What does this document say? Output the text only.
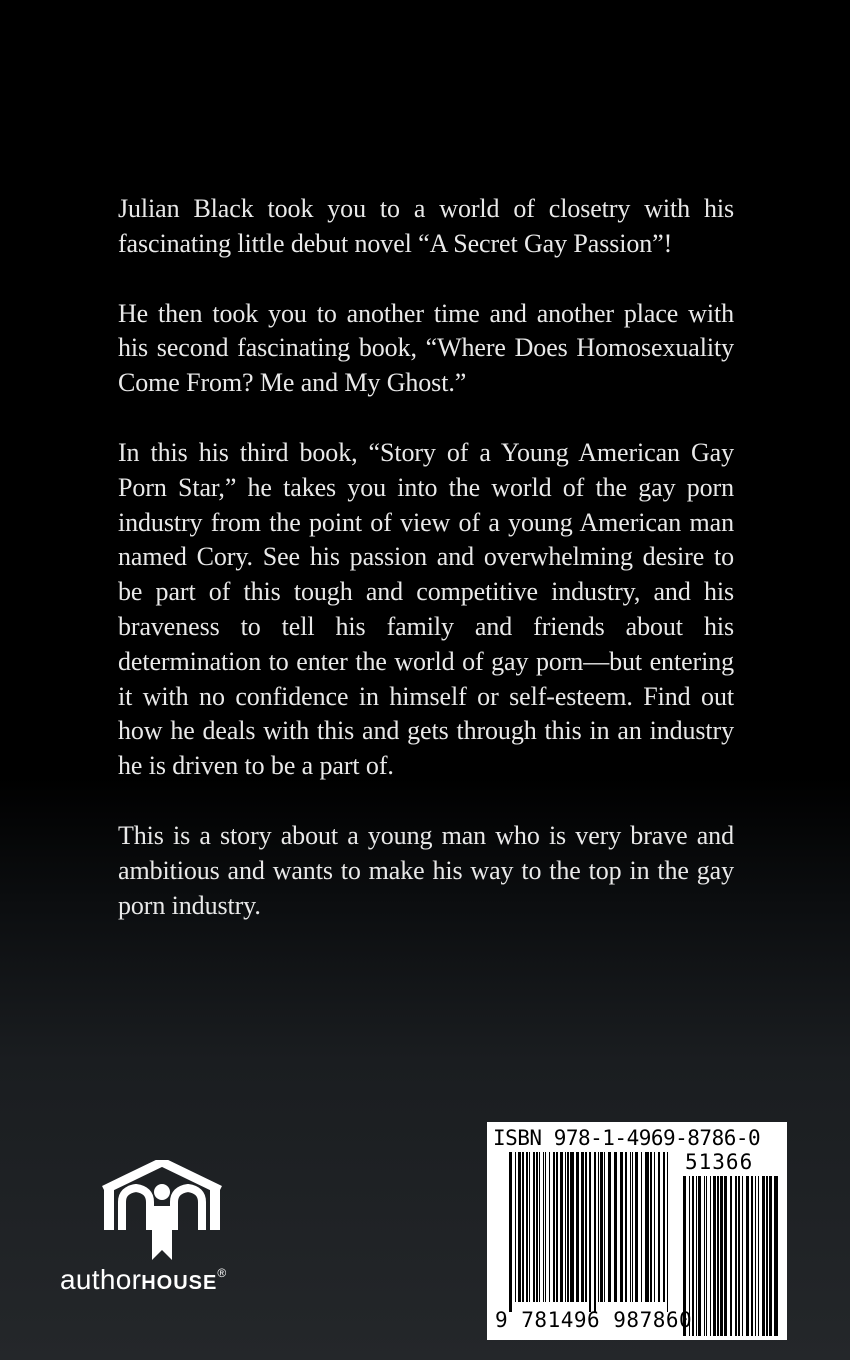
Julian Black took you to a world of closetry with his fascinating little debut novel “A Secret Gay Passion”!

He then took you to another time and another place with his second fascinating book, “Where Does Homosexuality Come From? Me and My Ghost.”

In this his third book, “Story of a Young American Gay Porn Star,” he takes you into the world of the gay porn industry from the point of view of a young American man named Cory. See his passion and overwhelming desire to be part of this tough and competitive industry, and his braveness to tell his family and friends about his determination to enter the world of gay porn—but entering it with no confidence in himself or self-esteem. Find out how he deals with this and gets through this in an industry he is driven to be a part of.

This is a story about a young man who is very brave and ambitious and wants to make his way to the top in the gay porn industry.

authorHOUSE®
ISBN 978-1-4969-8786-0
51366
9 781496 987860
